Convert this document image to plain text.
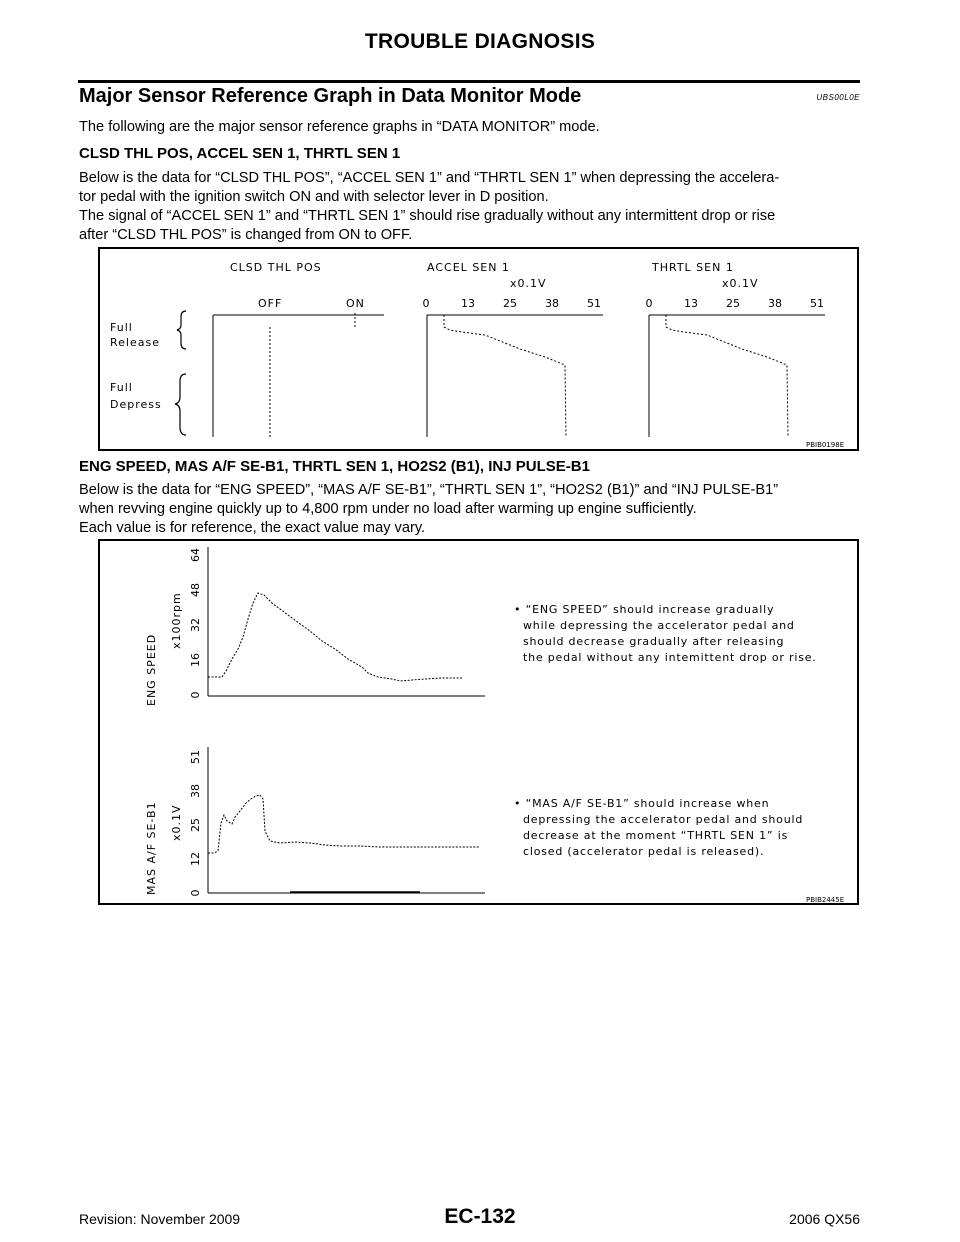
TROUBLE DIAGNOSIS
Major Sensor Reference Graph in Data Monitor Mode	UBS00L0E
The following are the major sensor reference graphs in “DATA MONITOR” mode.
CLSD THL POS, ACCEL SEN 1, THRTL SEN 1
Below is the data for “CLSD THL POS”, “ACCEL SEN 1” and “THRTL SEN 1” when depressing the accelera-
tor pedal with the ignition switch ON and with selector lever in D position.
The signal of “ACCEL SEN 1” and “THRTL SEN 1” should rise gradually without any intermittent drop or rise
after “CLSD THL POS” is changed from ON to OFF.
CLSD THL POS	ACCEL SEN 1	THRTL SEN 1
x0.1V	x0.1V
OFF	ON
Full
Release
Full
Depress
0	13	25	38	51	0	13	25	38	51
PBIB0198E
ENG SPEED, MAS A/F SE-B1, THRTL SEN 1, HO2S2 (B1), INJ PULSE-B1
Below is the data for “ENG SPEED”, “MAS A/F SE-B1”, “THRTL SEN 1”, “HO2S2 (B1)” and “INJ PULSE-B1”
when revving engine quickly up to 4,800 rpm under no load after warming up engine sufficiently.
Each value is for reference, the exact value may vary.
ENG SPEED
x100rpm
0
16
32
48
64
• “ENG SPEED” should increase gradually
while depressing the accelerator pedal and
should decrease gradually after releasing
the pedal without any intemittent drop or rise.
MAS A/F SE-B1 x0.1V
0
12
25
38
51
• “MAS A/F SE-B1” should increase when
depressing the accelerator pedal and should
decrease at the moment “THRTL SEN 1” is
closed (accelerator pedal is released).
PBIB2445E
Revision: November 2009	EC-132	2006 QX56
